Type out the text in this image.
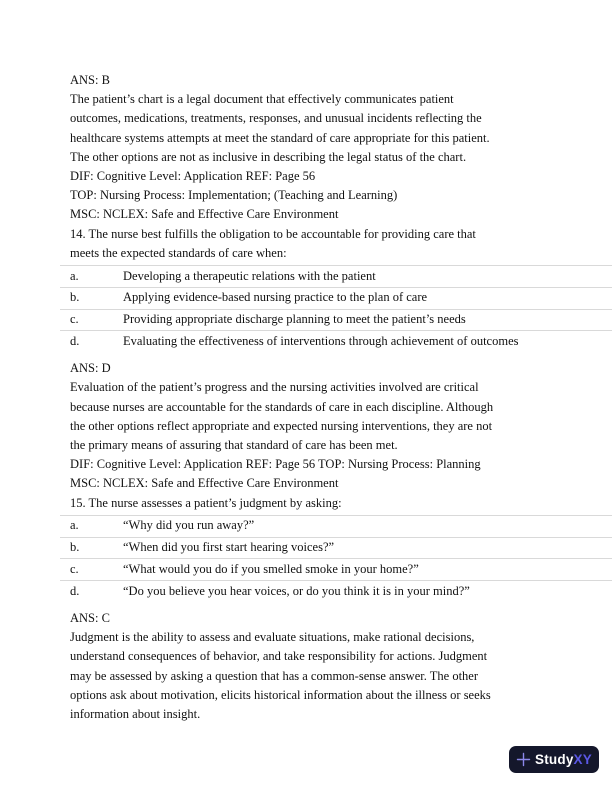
ANS: B
The patient’s chart is a legal document that effectively communicates patient
outcomes, medications, treatments, responses, and unusual incidents reflecting the
healthcare systems attempts at meet the standard of care appropriate for this patient.
The other options are not as inclusive in describing the legal status of the chart.
DIF: Cognitive Level: Application REF: Page 56
TOP: Nursing Process: Implementation; (Teaching and Learning)
MSC: NCLEX: Safe and Effective Care Environment
14. The nurse best fulfills the obligation to be accountable for providing care that
meets the expected standards of care when:
a.	Developing a therapeutic relations with the patient
b.	Applying evidence-based nursing practice to the plan of care
c.	Providing appropriate discharge planning to meet the patient’s needs
d.	Evaluating the effectiveness of interventions through achievement of outcomes
ANS: D
Evaluation of the patient’s progress and the nursing activities involved are critical
because nurses are accountable for the standards of care in each discipline. Although
the other options reflect appropriate and expected nursing interventions, they are not
the primary means of assuring that standard of care has been met.
DIF: Cognitive Level: Application REF: Page 56 TOP: Nursing Process: Planning
MSC: NCLEX: Safe and Effective Care Environment
15. The nurse assesses a patient’s judgment by asking:
a.	“Why did you run away?”
b.	“When did you first start hearing voices?”
c.	“What would you do if you smelled smoke in your home?”
d.	“Do you believe you hear voices, or do you think it is in your mind?”
ANS: C
Judgment is the ability to assess and evaluate situations, make rational decisions,
understand consequences of behavior, and take responsibility for actions. Judgment
may be assessed by asking a question that has a common-sense answer. The other
options ask about motivation, elicits historical information about the illness or seeks
information about insight.
Study XY
